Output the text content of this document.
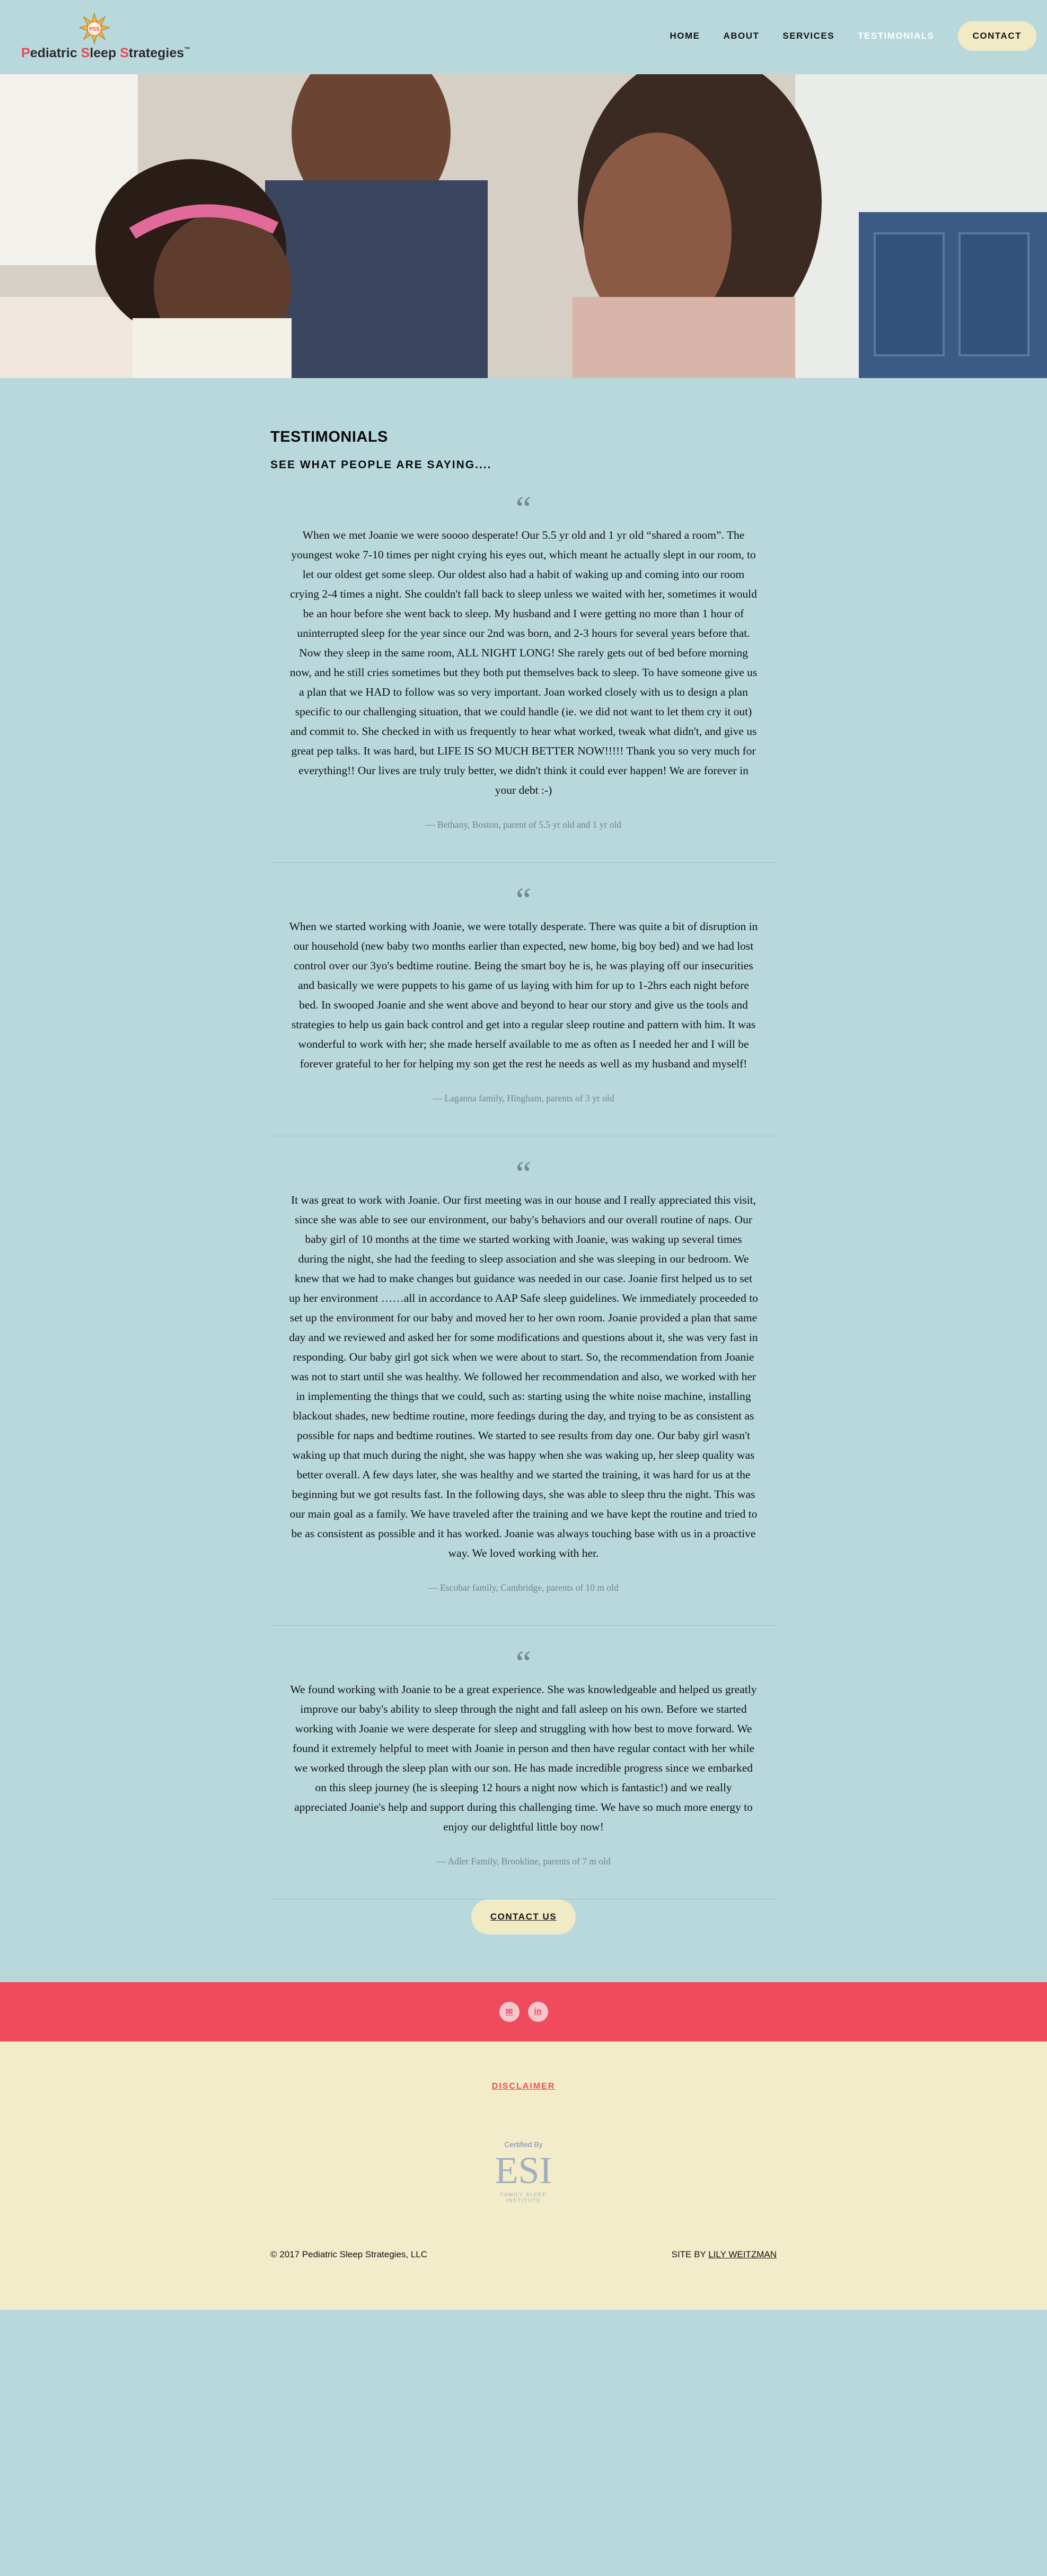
PSS
Pediatric Sleep Strategies™
HOME	ABOUT	SERVICES	TESTIMONIALS	CONTACT
TESTIMONIALS
SEE WHAT PEOPLE ARE SAYING....
“

When we met Joanie we were soooo desperate! Our 5.5 yr old and 1 yr old “shared a room”. The youngest woke 7-10 times per night crying his eyes out, which meant he actually slept in our room, to let our oldest get some sleep. Our oldest also had a habit of waking up and coming into our room crying 2-4 times a night. She couldn't fall back to sleep unless we waited with her, sometimes it would be an hour before she went back to sleep. My husband and I were getting no more than 1 hour of uninterrupted sleep for the year since our 2nd was born, and 2-3 hours for several years before that. Now they sleep in the same room, ALL NIGHT LONG! She rarely gets out of bed before morning now, and he still cries sometimes but they both put themselves back to sleep. To have someone give us a plan that we HAD to follow was so very important. Joan worked closely with us to design a plan specific to our challenging situation, that we could handle (ie. we did not want to let them cry it out) and commit to. She checked in with us frequently to hear what worked, tweak what didn't, and give us great pep talks. It was hard, but LIFE IS SO MUCH BETTER NOW!!!!! Thank you so very much for everything!! Our lives are truly truly better, we didn't think it could ever happen! We are forever in your debt :-)

— Bethany, Boston, parent of 5.5 yr old and 1 yr old

“

When we started working with Joanie, we were totally desperate. There was quite a bit of disruption in our household (new baby two months earlier than expected, new home, big boy bed) and we had lost control over our 3yo's bedtime routine. Being the smart boy he is, he was playing off our insecurities and basically we were puppets to his game of us laying with him for up to 1-2hrs each night before bed. In swooped Joanie and she went above and beyond to hear our story and give us the tools and strategies to help us gain back control and get into a regular sleep routine and pattern with him. It was wonderful to work with her; she made herself available to me as often as I needed her and I will be forever grateful to her for helping my son get the rest he needs as well as my husband and myself!

— Laganna family, Hingham, parents of 3 yr old

“

It was great to work with Joanie. Our first meeting was in our house and I really appreciated this visit, since she was able to see our environment, our baby's behaviors and our overall routine of naps. Our baby girl of 10 months at the time we started working with Joanie, was waking up several times during the night, she had the feeding to sleep association and she was sleeping in our bedroom. We knew that we had to make changes but guidance was needed in our case. Joanie first helped us to set up her environment ……all in accordance to AAP Safe sleep guidelines. We immediately proceeded to set up the environment for our baby and moved her to her own room. Joanie provided a plan that same day and we reviewed and asked her for some modifications and questions about it, she was very fast in responding. Our baby girl got sick when we were about to start. So, the recommendation from Joanie was not to start until she was healthy. We followed her recommendation and also, we worked with her in implementing the things that we could, such as: starting using the white noise machine, installing blackout shades, new bedtime routine, more feedings during the day, and trying to be as consistent as possible for naps and bedtime routines. We started to see results from day one. Our baby girl wasn't waking up that much during the night, she was happy when she was waking up, her sleep quality was better overall. A few days later, she was healthy and we started the training, it was hard for us at the beginning but we got results fast. In the following days, she was able to sleep thru the night. This was our main goal as a family. We have traveled after the training and we have kept the routine and tried to be as consistent as possible and it has worked. Joanie was always touching base with us in a proactive way. We loved working with her.

— Escobar family, Cambridge, parents of 10 m old

“

We found working with Joanie to be a great experience. She was knowledgeable and helped us greatly improve our baby's ability to sleep through the night and fall asleep on his own. Before we started working with Joanie we were desperate for sleep and struggling with how best to move forward. We found it extremely helpful to meet with Joanie in person and then have regular contact with her while we worked through the sleep plan with our son. He has made incredible progress since we embarked on this sleep journey (he is sleeping 12 hours a night now which is fantastic!) and we really appreciated Joanie's help and support during this challenging time. We have so much more energy to enjoy our delightful little boy now!

— Adler Family, Brookline, parents of 7 m old

CONTACT US
✉	in
DISCLAIMER
Certified By
ESI
FAMILY SLEEP INSTITUTE
© 2017 Pediatric Sleep Strategies, LLC	SITE BY LILY WEITZMAN
